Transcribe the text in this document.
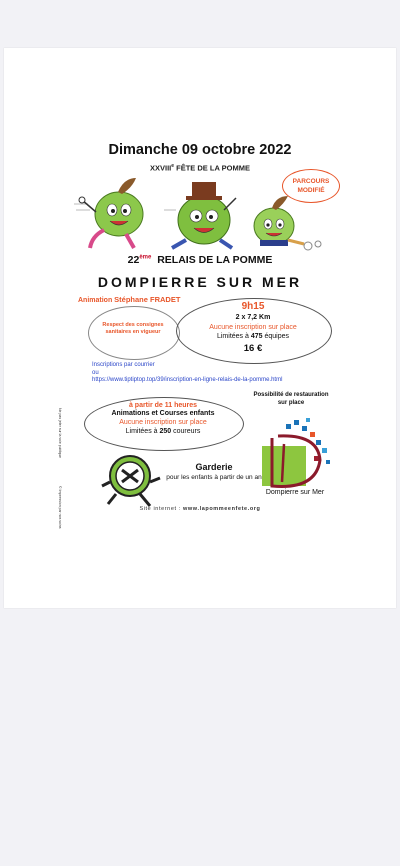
Dimanche 09 octobre 2022
XXVIIIe FÊTE DE LA POMME
PARCOURS
MODIFIÉ
22ème RELAIS DE LA POMME
DOMPIERRE SUR MER
Animation Stéphane FRADET
Respect des consignes sanitaires en vigueur
9h15
2 x 7,2 Km
Aucune inscription sur place
Limitées à 475 équipes
16 €
Ne pas jeter sur la voie publique
© Impression par nos soins
Inscriptions par courrier
ou
https://www.tiptiptop.top/39/inscription-en-ligne-relais-de-la-pomme.html
à partir de 11 heures
Animations et Courses enfants
Aucune inscription sur place
Limitées à 250 coureurs
Possibilité de restauration sur place
Dompierre sur Mer
Garderie
pour les enfants à partir de un an
Site internet : www.lapommeenfete.org
